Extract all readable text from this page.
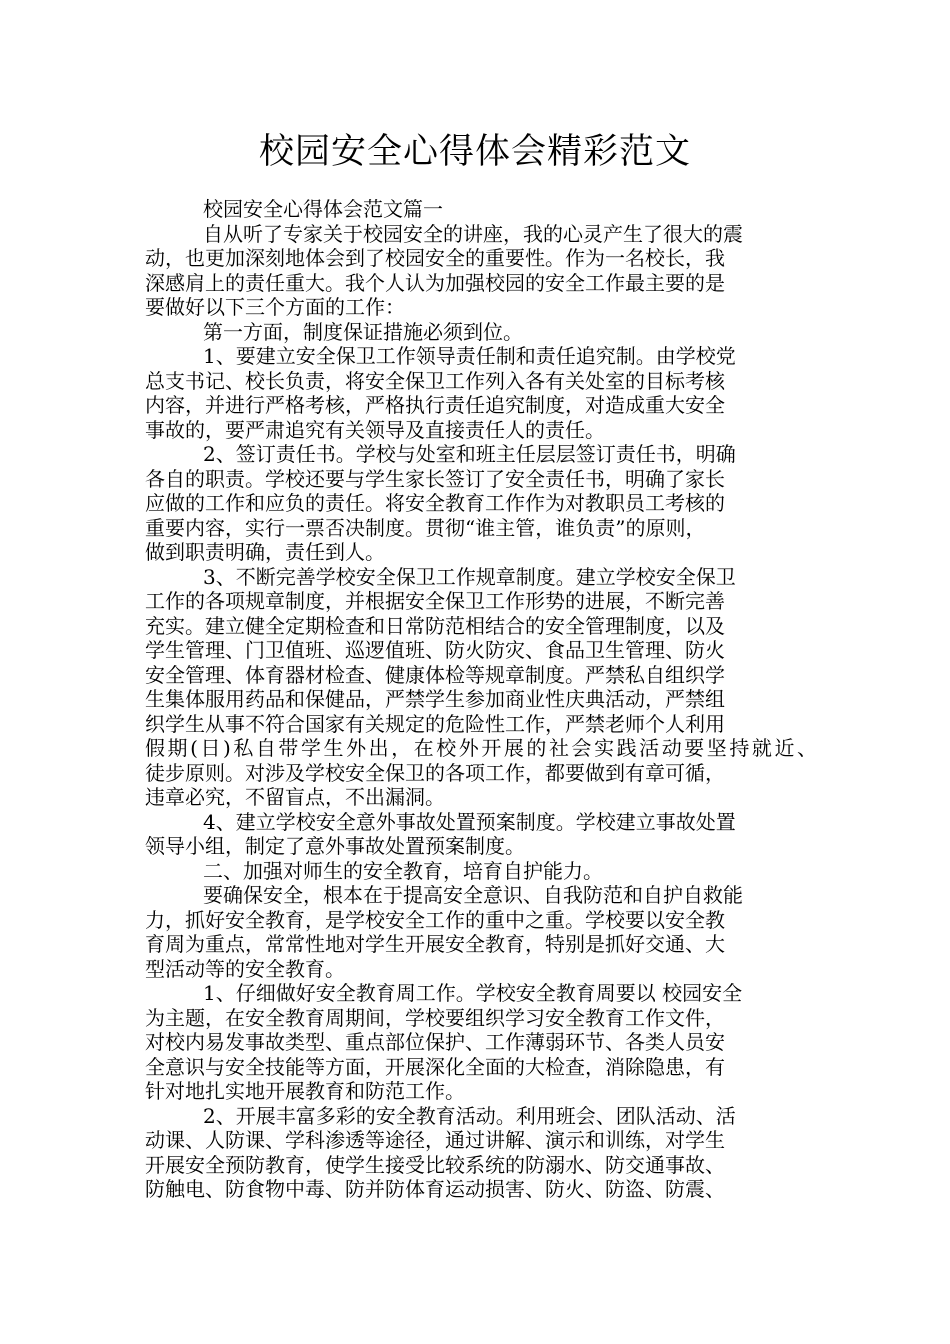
校园安全心得体会精彩范文
校园安全心得体会范文篇一
自从听了专家关于校园安全的讲座，我的心灵产生了很大的震
动，也更加深刻地体会到了校园安全的重要性。作为一名校长，我
深感肩上的责任重大。我个人认为加强校园的安全工作最主要的是
要做好以下三个方面的工作：
第一方面，制度保证措施必须到位。
1、要建立安全保卫工作领导责任制和责任追究制。由学校党
总支书记、校长负责，将安全保卫工作列入各有关处室的目标考核
内容，并进行严格考核，严格执行责任追究制度，对造成重大安全
事故的，要严肃追究有关领导及直接责任人的责任。
2、签订责任书。学校与处室和班主任层层签订责任书，明确
各自的职责。学校还要与学生家长签订了安全责任书，明确了家长
应做的工作和应负的责任。将安全教育工作作为对教职员工考核的
重要内容，实行一票否决制度。贯彻“谁主管，谁负责”的原则，
做到职责明确，责任到人。
3、不断完善学校安全保卫工作规章制度。建立学校安全保卫
工作的各项规章制度，并根据安全保卫工作形势的进展，不断完善
充实。建立健全定期检查和日常防范相结合的安全管理制度，以及
学生管理、门卫值班、巡逻值班、防火防灾、食品卫生管理、防火
安全管理、体育器材检查、健康体检等规章制度。严禁私自组织学
生集体服用药品和保健品，严禁学生参加商业性庆典活动，严禁组
织学生从事不符合国家有关规定的危险性工作，严禁老师个人利用
假期(日)私自带学生外出，在校外开展的社会实践活动要坚持就近、
徒步原则。对涉及学校安全保卫的各项工作，都要做到有章可循，
违章必究，不留盲点，不出漏洞。
4、建立学校安全意外事故处置预案制度。学校建立事故处置
领导小组，制定了意外事故处置预案制度。
二、加强对师生的安全教育，培育自护能力。
要确保安全，根本在于提高安全意识、自我防范和自护自救能
力，抓好安全教育，是学校安全工作的重中之重。学校要以安全教
育周为重点，常常性地对学生开展安全教育，特别是抓好交通、大
型活动等的安全教育。
1、仔细做好安全教育周工作。学校安全教育周要以 校园安全
为主题，在安全教育周期间，学校要组织学习安全教育工作文件，
对校内易发事故类型、重点部位保护、工作薄弱环节、各类人员安
全意识与安全技能等方面，开展深化全面的大检查，消除隐患，有
针对地扎实地开展教育和防范工作。
2、开展丰富多彩的安全教育活动。利用班会、团队活动、活
动课、人防课、学科渗透等途径，通过讲解、演示和训练，对学生
开展安全预防教育，使学生接受比较系统的防溺水、防交通事故、
防触电、防食物中毒、防并防体育运动损害、防火、防盗、防震、
